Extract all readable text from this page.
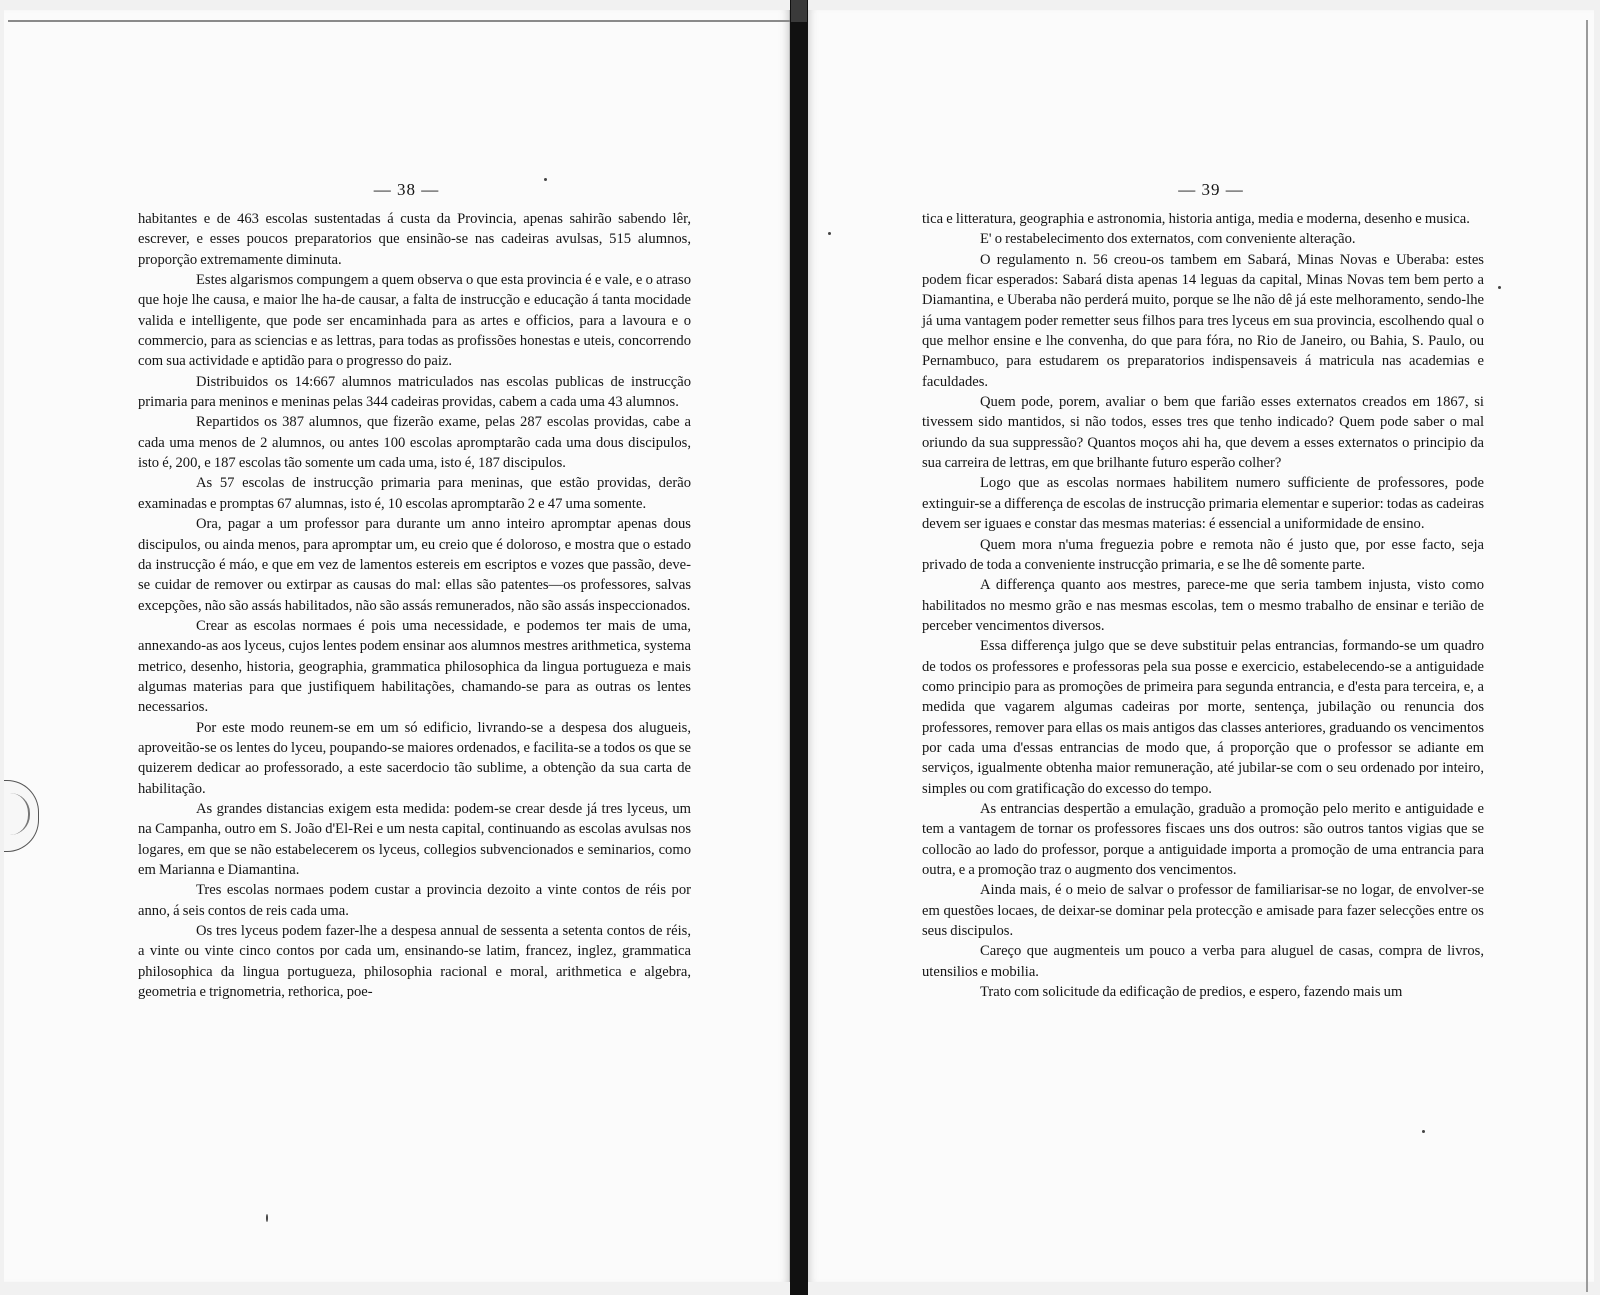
— 38 —

habitantes e de 463 escolas sustentadas á custa da Provincia, apenas sahirão sabendo lêr, escrever, e esses poucos preparatorios que ensinão-se nas cadeiras avulsas, 515 alumnos, proporção extremamente diminuta.

Estes algarismos compungem a quem observa o que esta provincia é e vale, e o atraso que hoje lhe causa, e maior lhe ha-de causar, a falta de instrucção e educação á tanta mocidade valida e intelligente, que pode ser encaminhada para as artes e officios, para a lavoura e o commercio, para as sciencias e as lettras, para todas as profissões honestas e uteis, concorrendo com sua actividade e aptidão para o progresso do paiz.

Distribuidos os 14:667 alumnos matriculados nas escolas publicas de instrucção primaria para meninos e meninas pelas 344 cadeiras providas, cabem a cada uma 43 alumnos.

Repartidos os 387 alumnos, que fizerão exame, pelas 287 escolas providas, cabe a cada uma menos de 2 alumnos, ou antes 100 escolas apromptarão cada uma dous discipulos, isto é, 200, e 187 escolas tão somente um cada uma, isto é, 187 discipulos.

As 57 escolas de instrucção primaria para meninas, que estão providas, derão examinadas e promptas 67 alumnas, isto é, 10 escolas apromptarão 2 e 47 uma somente.

Ora, pagar a um professor para durante um anno inteiro apromptar apenas dous discipulos, ou ainda menos, para apromptar um, eu creio que é doloroso, e mostra que o estado da instrucção é máo, e que em vez de lamentos estereis em escriptos e vozes que passão, deve-se cuidar de remover ou extirpar as causas do mal: ellas são patentes—os professores, salvas excepções, não são assás habilitados, não são assás remunerados, não são assás inspeccionados.

Crear as escolas normaes é pois uma necessidade, e podemos ter mais de uma, annexando-as aos lyceus, cujos lentes podem ensinar aos alumnos mestres arithmetica, systema metrico, desenho, historia, geographia, grammatica philosophica da lingua portugueza e mais algumas materias para que justifiquem habilitações, chamando-se para as outras os lentes necessarios.

Por este modo reunem-se em um só edificio, livrando-se a despesa dos alugueis, aproveitão-se os lentes do lyceu, poupando-se maiores ordenados, e facilita-se a todos os que se quizerem dedicar ao professorado, a este sacerdocio tão sublime, a obtenção da sua carta de habilitação.

As grandes distancias exigem esta medida: podem-se crear desde já tres lyceus, um na Campanha, outro em S. João d'El-Rei e um nesta capital, continuando as escolas avulsas nos logares, em que se não estabelecerem os lyceus, collegios subvencionados e seminarios, como em Marianna e Diamantina.

Tres escolas normaes podem custar a provincia dezoito a vinte contos de réis por anno, á seis contos de reis cada uma.

Os tres lyceus podem fazer-lhe a despesa annual de sessenta a setenta contos de réis, a vinte ou vinte cinco contos por cada um, ensinando-se latim, francez, inglez, grammatica philosophica da lingua portugueza, philosophia racional e moral, arithmetica e algebra, geometria e trignometria, rethorica, poe-

— 39 —

tica e litteratura, geographia e astronomia, historia antiga, media e moderna, desenho e musica.

E' o restabelecimento dos externatos, com conveniente alteração.

O regulamento n. 56 creou-os tambem em Sabará, Minas Novas e Uberaba: estes podem ficar esperados: Sabará dista apenas 14 leguas da capital, Minas Novas tem bem perto a Diamantina, e Uberaba não perderá muito, porque se lhe não dê já este melhoramento, sendo-lhe já uma vantagem poder remetter seus filhos para tres lyceus em sua provincia, escolhendo qual o que melhor ensine e lhe convenha, do que para fóra, no Rio de Janeiro, ou Bahia, S. Paulo, ou Pernambuco, para estudarem os preparatorios indispensaveis á matricula nas academias e faculdades.

Quem pode, porem, avaliar o bem que farião esses externatos creados em 1867, si tivessem sido mantidos, si não todos, esses tres que tenho indicado? Quem pode saber o mal oriundo da sua suppressão? Quantos moços ahi ha, que devem a esses externatos o principio da sua carreira de lettras, em que brilhante futuro esperão colher?

Logo que as escolas normaes habilitem numero sufficiente de professores, pode extinguir-se a differença de escolas de instrucção primaria elementar e superior: todas as cadeiras devem ser iguaes e constar das mesmas materias: é essencial a uniformidade de ensino.

Quem mora n'uma freguezia pobre e remota não é justo que, por esse facto, seja privado de toda a conveniente instrucção primaria, e se lhe dê somente parte.

A differença quanto aos mestres, parece-me que seria tambem injusta, visto como habilitados no mesmo grão e nas mesmas escolas, tem o mesmo trabalho de ensinar e terião de perceber vencimentos diversos.

Essa differença julgo que se deve substituir pelas entrancias, formando-se um quadro de todos os professores e professoras pela sua posse e exercicio, estabelecendo-se a antiguidade como principio para as promoções de primeira para segunda entrancia, e d'esta para terceira, e, a medida que vagarem algumas cadeiras por morte, sentença, jubilação ou renuncia dos professores, remover para ellas os mais antigos das classes anteriores, graduando os vencimentos por cada uma d'essas entrancias de modo que, á proporção que o professor se adiante em serviços, igualmente obtenha maior remuneração, até jubilar-se com o seu ordenado por inteiro, simples ou com gratificação do excesso do tempo.

As entrancias despertão a emulação, graduão a promoção pelo merito e antiguidade e tem a vantagem de tornar os professores fiscaes uns dos outros: são outros tantos vigias que se collocão ao lado do professor, porque a antiguidade importa a promoção de uma entrancia para outra, e a promoção traz o augmento dos vencimentos.

Ainda mais, é o meio de salvar o professor de familiarisar-se no logar, de envolver-se em questões locaes, de deixar-se dominar pela protecção e amisade para fazer selecções entre os seus discipulos.

Careço que augmenteis um pouco a verba para aluguel de casas, compra de livros, utensilios e mobilia.

Trato com solicitude da edificação de predios, e espero, fazendo mais um
